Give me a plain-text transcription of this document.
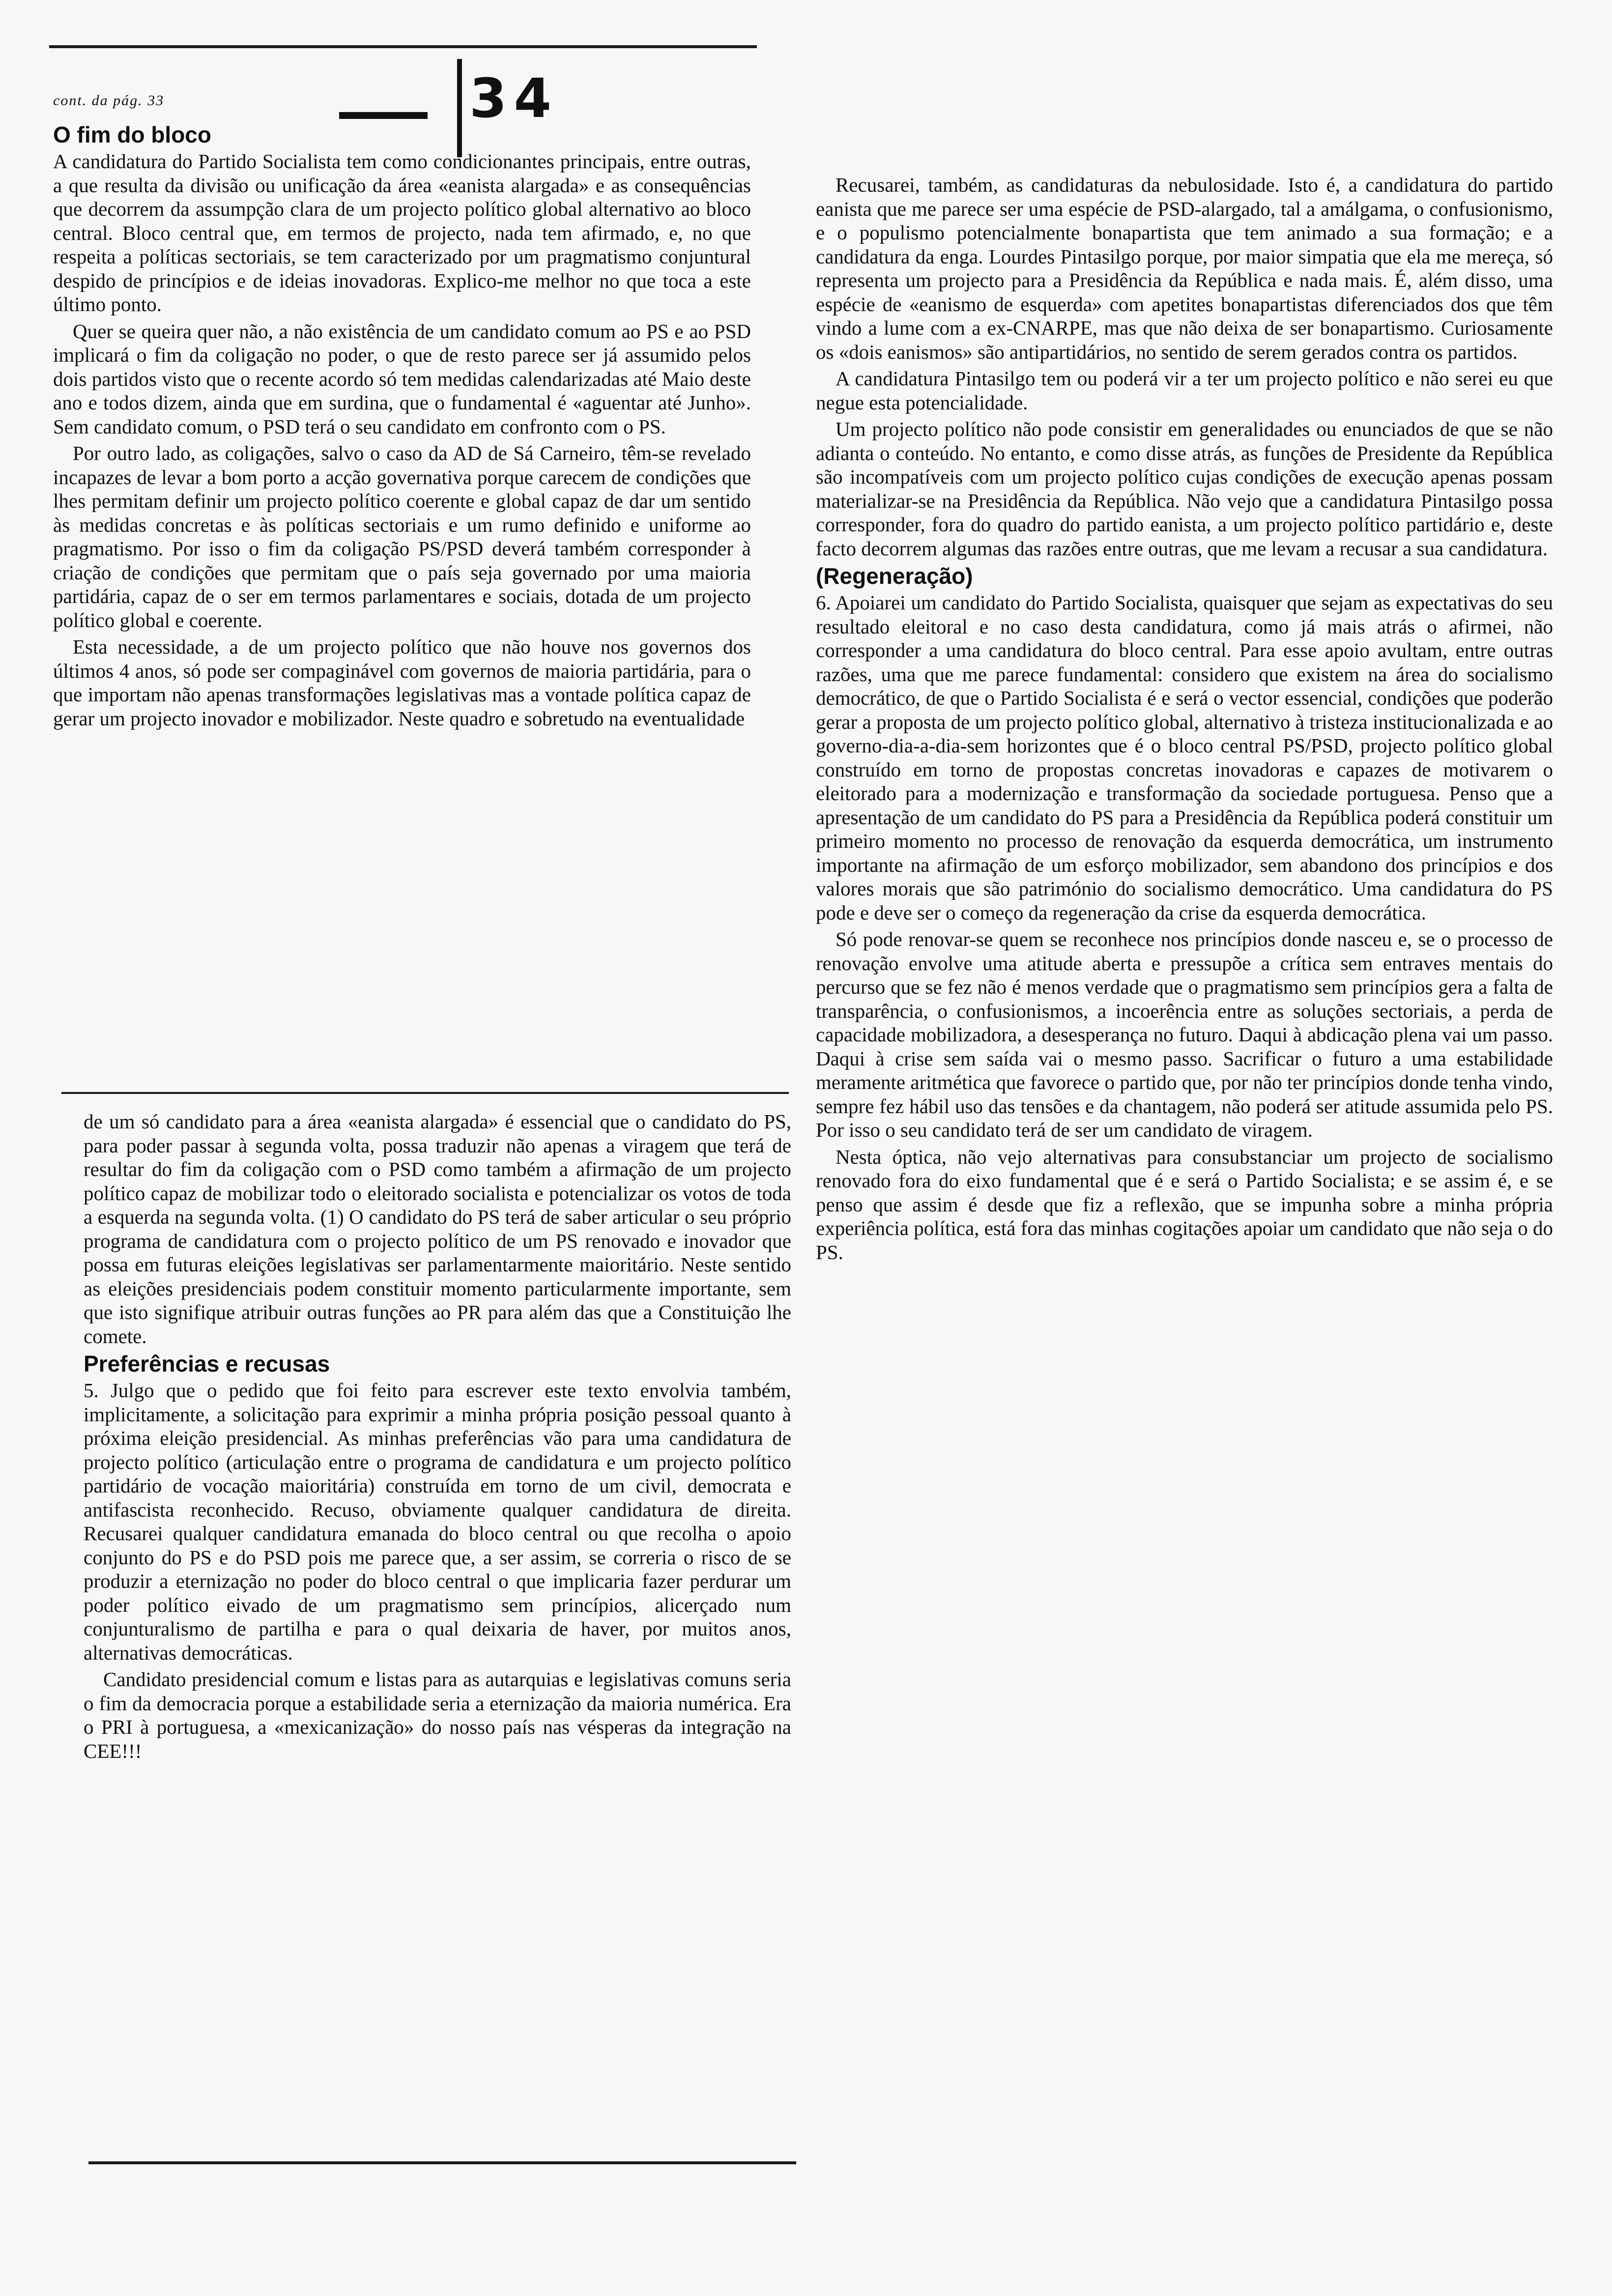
cont. da pág. 33	34
O fim do bloco

A candidatura do Partido Socialista tem como condicionantes principais, entre outras, a que resulta da divisão ou unificação da área «eanista alargada» e as consequências que decorrem da assumpção clara de um projecto político global alternativo ao bloco central. Bloco central que, em termos de projecto, nada tem afirmado, e, no que respeita a políticas sectoriais, se tem caracterizado por um pragmatismo conjuntural despido de princípios e de ideias inovadoras. Explico-me melhor no que toca a este último ponto.

Quer se queira quer não, a não existência de um candidato comum ao PS e ao PSD implicará o fim da coligação no poder, o que de resto parece ser já assumido pelos dois partidos visto que o recente acordo só tem medidas calendarizadas até Maio deste ano e todos dizem, ainda que em surdina, que o fundamental é «aguentar até Junho». Sem candidato comum, o PSD terá o seu candidato em confronto com o PS.

Por outro lado, as coligações, salvo o caso da AD de Sá Carneiro, têm-se revelado incapazes de levar a bom porto a acção governativa porque carecem de condições que lhes permitam definir um projecto político coerente e global capaz de dar um sentido às medidas concretas e às políticas sectoriais e um rumo definido e uniforme ao pragmatismo. Por isso o fim da coligação PS/PSD deverá também corresponder à criação de condições que permitam que o país seja governado por uma maioria partidária, capaz de o ser em termos parlamentares e sociais, dotada de um projecto político global e coerente.

Esta necessidade, a de um projecto político que não houve nos governos dos últimos 4 anos, só pode ser compaginável com governos de maioria partidária, para o que importam não apenas transformações legislativas mas a vontade política capaz de gerar um projecto inovador e mobilizador. Neste quadro e sobretudo na eventualidade

de um só candidato para a área «eanista alargada» é essencial que o candidato do PS, para poder passar à segunda volta, possa traduzir não apenas a viragem que terá de resultar do fim da coligação com o PSD como também a afirmação de um projecto político capaz de mobilizar todo o eleitorado socialista e potencializar os votos de toda a esquerda na segunda volta. (1) O candidato do PS terá de saber articular o seu próprio programa de candidatura com o projecto político de um PS renovado e inovador que possa em futuras eleições legislativas ser parlamentarmente maioritário. Neste sentido as eleições presidenciais podem constituir momento particularmente importante, sem que isto signifique atribuir outras funções ao PR para além das que a Constituição lhe comete.

Preferências e recusas

5. Julgo que o pedido que foi feito para escrever este texto envolvia também, implicitamente, a solicitação para exprimir a minha própria posição pessoal quanto à próxima eleição presidencial. As minhas preferências vão para uma candidatura de projecto político (articulação entre o programa de candidatura e um projecto político partidário de vocação maioritária) construída em torno de um civil, democrata e antifascista reconhecido. Recuso, obviamente qualquer candidatura de direita. Recusarei qualquer candidatura emanada do bloco central ou que recolha o apoio conjunto do PS e do PSD pois me parece que, a ser assim, se correria o risco de se produzir a eternização no poder do bloco central o que implicaria fazer perdurar um poder político eivado de um pragmatismo sem princípios, alicerçado num conjunturalismo de partilha e para o qual deixaria de haver, por muitos anos, alternativas democráticas.

Candidato presidencial comum e listas para as autarquias e legislativas comuns seria o fim da democracia porque a estabilidade seria a eternização da maioria numérica. Era o PRI à portuguesa, a «mexicanização» do nosso país nas vésperas da integração na CEE!!!

Recusarei, também, as candidaturas da nebulosidade. Isto é, a candidatura do partido eanista que me parece ser uma espécie de PSD-alargado, tal a amálgama, o confusionismo, e o populismo potencialmente bonapartista que tem animado a sua formação; e a candidatura da enga. Lourdes Pintasilgo porque, por maior simpatia que ela me mereça, só representa um projecto para a Presidência da República e nada mais. É, além disso, uma espécie de «eanismo de esquerda» com apetites bonapartistas diferenciados dos que têm vindo a lume com a ex-CNARPE, mas que não deixa de ser bonapartismo. Curiosamente os «dois eanismos» são antipartidários, no sentido de serem gerados contra os partidos.

A candidatura Pintasilgo tem ou poderá vir a ter um projecto político e não serei eu que negue esta potencialidade.

Um projecto político não pode consistir em generalidades ou enunciados de que se não adianta o conteúdo. No entanto, e como disse atrás, as funções de Presidente da República são incompatíveis com um projecto político cujas condições de execução apenas possam materializar-se na Presidência da República. Não vejo que a candidatura Pintasilgo possa corresponder, fora do quadro do partido eanista, a um projecto político partidário e, deste facto decorrem algumas das razões entre outras, que me levam a recusar a sua candidatura.

(Regeneração)

6. Apoiarei um candidato do Partido Socialista, quaisquer que sejam as expectativas do seu resultado eleitoral e no caso desta candidatura, como já mais atrás o afirmei, não corresponder a uma candidatura do bloco central. Para esse apoio avultam, entre outras razões, uma que me parece fundamental: considero que existem na área do socialismo democrático, de que o Partido Socialista é e será o vector essencial, condições que poderão gerar a proposta de um projecto político global, alternativo à tristeza institucionalizada e ao governo-dia-a-dia-sem horizontes que é o bloco central PS/PSD, projecto político global construído em torno de propostas concretas inovadoras e capazes de motivarem o eleitorado para a modernização e transformação da sociedade portuguesa. Penso que a apresentação de um candidato do PS para a Presidência da República poderá constituir um primeiro momento no processo de renovação da esquerda democrática, um instrumento importante na afirmação de um esforço mobilizador, sem abandono dos princípios e dos valores morais que são património do socialismo democrático. Uma candidatura do PS pode e deve ser o começo da regeneração da crise da esquerda democrática.

Só pode renovar-se quem se reconhece nos princípios donde nasceu e, se o processo de renovação envolve uma atitude aberta e pressupõe a crítica sem entraves mentais do percurso que se fez não é menos verdade que o pragmatismo sem princípios gera a falta de transparência, o confusionismos, a incoerência entre as soluções sectoriais, a perda de capacidade mobilizadora, a desesperança no futuro. Daqui à abdicação plena vai um passo. Daqui à crise sem saída vai o mesmo passo. Sacrificar o futuro a uma estabilidade meramente aritmética que favorece o partido que, por não ter princípios donde tenha vindo, sempre fez hábil uso das tensões e da chantagem, não poderá ser atitude assumida pelo PS. Por isso o seu candidato terá de ser um candidato de viragem.

Nesta óptica, não vejo alternativas para consubstanciar um projecto de socialismo renovado fora do eixo fundamental que é e será o Partido Socialista; e se assim é, e se penso que assim é desde que fiz a reflexão, que se impunha sobre a minha própria experiência política, está fora das minhas cogitações apoiar um candidato que não seja o do PS.
